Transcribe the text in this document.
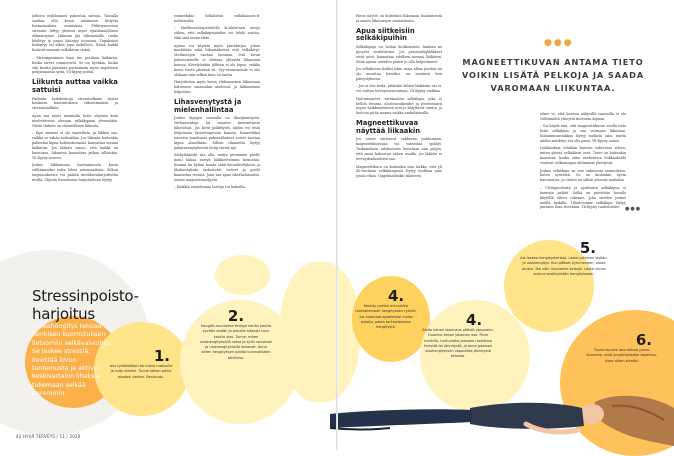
jatkuva mylläminen pahentaa siirtoja. Tausalla saattaa olla kivun aistimisen liittyviä hormonaalisia muutoksia. Pitkittyneeseen stressiin liittyy yleensä myös epäsäännöllinen elämänrytmi. Liikunta jää vähemmälle, ruoka köyhtyy ja paino kääntyy nousuun. Tupakointi lisääntyy tai alkaa jopa uudelleen. Nämä kaikki lisäävät suuman selkäkivun riskiä.

– Stressiperäinen kipu tuo potilaan lääkäriin, koska oireet voimistuvat. Se on hyväkin, koska sitä kautta päästään purkamaan myös ongelmien pohjimmaisia syitä, Yli-Kyyny pohtii.

Liikunta auttaa vaikka sattuisi

Parhaita hoitokeinoja stressiselkään ohivat henkisen kuormituksen vähentäminen ja stressinhallinta.

Apua saa myös sammolla hoito ohjeista kuin niedettävissä olevaan selkäkipuun yleensäkin. Niistä tärkein on säännöllinen liikunta.

– Kipu sinänsä ei ole vaarallista, ja liikkua saa, vaikka se vähän sattuisikin. Jos liikunta kuitenkin pahentaa kipua kohtuuttomasti, kannattaa mennä lääkäriin. Jos lääkäri sanoo, että kaikki on kunnossa, liikuntaa kannattaa jatkaa silloinkin, Yli-Kyyny neuvoo.

Joskus liikkumuan karttamisesta kivun välttämiseksi tulee lähes automaattista. Silloin tarpumuksesta voi päästä mielikuvaharjoittelun avulla. Ohjeita itsenäiseen harjoitteluun löytyy

esimerkiksi Selkäliiton selkäkanava.fi-nettisivulta.

– Mielikuvaharjoittelulla koulutetaan aivoja siihen, että selkäkipuisenkin voi lehdä asioita, eikä sinä mene rikki.

Apuna voi käyttää myös päiväkirjaa, johon merkitään sekä liikuntakerrat että selkäkiryt. Merkintöjen vanhaa huomaa, että kivun pahenemiselle ei olekaan yhteyttä liikunnan kanssa. Kävelylenkin jälkeen ei ole kipua, vaikka kuusi toista päivänä sit. Syy-seurausuhde ei siis olekaan niin selkeä kuin on luultu.

Harjoittelua myös kivun ylidianonnen liikuntaan hälveneee omassakin mielessä, ja liikkuminen helpottuu.

Lihasvenytystä ja mielenhallintaa

Joskus kipujen taustalla on lihasjännitystä. Verhaasentoja tai muuten kuormittavia liikeratoja. Jos kivut pitkittyvät, niihin voi etsiä helpotusta fysioterapeutin kanssa. Esimerkiksi istuessa jumittavat pakaralihakset voivat tuottaa kipua alaselkään. Silloin tilannetta löytyy pakaravenytyksestä löräp tiivisä api.

Sätkylääkeitä saa olla, mutta pitemmän päälle moni hakaa siirtyä lääkkeettömiin keinoihin. Kuuma tai kylmä haude sekä kivunlievityksen ja lihaksistyksiin tarkoitetut voiteet ja geelit kannattaa testata. Joku saa apua tikerhalsamista, toinen magnesiumöljystä.

– Kaikkia vaatettomia hoitoja voi kokeilla.

Paras näyttö on kuitenkin liikunnan lisäämisestä ja omien liikeratojen avaamisesta.

Apua siitkeisiin selkäkipuihin

Selkäkipuja voi hoitaa kotikonstein, kunhan ne pysyvät siedettävinä. Jos perusstäkylääkkeet eivät auta, kannattaa edelleen mennä lääkäriin. Siinä ajassa oireiden pitäisi jo olla helpottaneet.

Jos selkäkivun lisäksi jokin raaja alkaa puutua tai olo muuttuu höntiksi, on mentävä heti päivystykseen.

– Jos ei itse tiedä, pitäisikö lähteä lääkäriin vai ei, voi soittaa terveysneuvontaan, Yli-Kyyny vinkkaa.

Halvausoireet, särtämätön selkäkipu, joka ei hellitä levossa, ulosteuvaikeudet ja yleisvoimien nopea heikkeneminen ovat jo hälyttäviä oireita, ja hoitoon pitää mennä vaikka ambulanssilla.

Magneettikuvaa näyttää liikaakin

Jos oireet viittaavat vakkevan puhtumaan, magneettikuvauas voi vahvistaa epäilyt. Tutkimuksen tuloksessen luotetaan niin paljon, että moni haheutuu siihen vaadla, jos lääkäri ei terveydenhoidosta saa.

Magneettikuva on kuitenkin niin tarkka, että yli 40-vuotiaan selkärangasta löytyy melkein aina jotain vikaa. Ongelmallisiksi tilanteen

tekee se, että kuvissa näkyvillä vaurioilla ei ole välttämättä yhteyttä koettuun kipuun.

– Voi käydä niin, että magneettikuvan avulla tieto lisää selkäkipu ja saa varmaan liikuntaa. Kuhuminusniukkaa löytyy melkein aina, mutta niiden merkitys voi olla pieni, Yli-Kyyny sanoo.

Leikkauksia tehdään harvoin suhteessa siihen, miten yleisiä selkäkivut ovat. Tarve on kuitenkin kaavassa, koska väen vanhetessa leikkauksilla vaativat selkärangan alttiimmat yleistyvät.

Joskus selkäkipu on oire vakavasta sairaudesta, kuten syövästä. Se on kuitenkin hyvin harvinaista, ja oireita on silloin yleensä muitakin.

– Ulvänpuoleista ja ajoittaista selkäkipua ei kannata pelätä. Selkä on päivittäin kovalla käytöllä olleva rakenne, joka oireilee joskus meillä kaikilla. Tilanteemme selkäkipu löytyy paranee ihan itsestään, Yli-Kyyny rauhoittelee.

●●●
MAGNEETTIKUVAN ANTAMA TIETO VOIKIN LISÄTÄ PELKOJA JA SAADA VAROMAAN LIIKUNTAA.
●●●
Stressinpoisto-harjoitus
Palleahengitys tehoaa henkisen kuormituksen lietsomiin selkävaivoihin. Se laskee stressiä, lievittää kivun tuntemusta ja aktivoi keskivartalon lihaksia tukemaan selkää paremmin.
1.
Istu ryhdikkäästi tai mene makuulle ja sulje silmäsi. Tunne kehon paino alustasi vasten. Rentoudu.
2.
Hengitä muutamia kertoja nenän kautta syvään sisään ja puhalla hitaasti suun kautta ulos. Tunne, miten uloshengityksellä vatsa ja kylki nousevat ja uloshengityksellä laskevat. Anna sitten hengityksen palata luonnolliseen tahtiinsa.
4.
Keskity pariksi minuutiksi tarkkailemaan hengityksen rytmiä. Jos huomaat ajatelevasi muita asioita, palaa tarkkailemaan hengitystä.	4.
Aloita kehon skannaus päästä varpaisiin. Huomioi kehon jokainen osa. Pane merkille, tuntuvatko joissakin kohdissa kireyttä tai jännitystä, ja anna jokaisen uloshengityksen vapauttaa jännitystä kehosta.
5.
Ala laskea hengityskertoja. Laske jokainen sisään- ja uloshengitys. Kun pääset kymmeneen, aloita alusta. Tee näin muutamia kertoja. Laske niinen autuus keskitymään hengitykseen.
6.
Tunne kipukiz lasu kehosi paino. Kuuntele, mitä ympäristössäsi tapahtuu. Avaa sitten silmäsi.
42 HYVÄ TERVEYS / 11 / 2020
